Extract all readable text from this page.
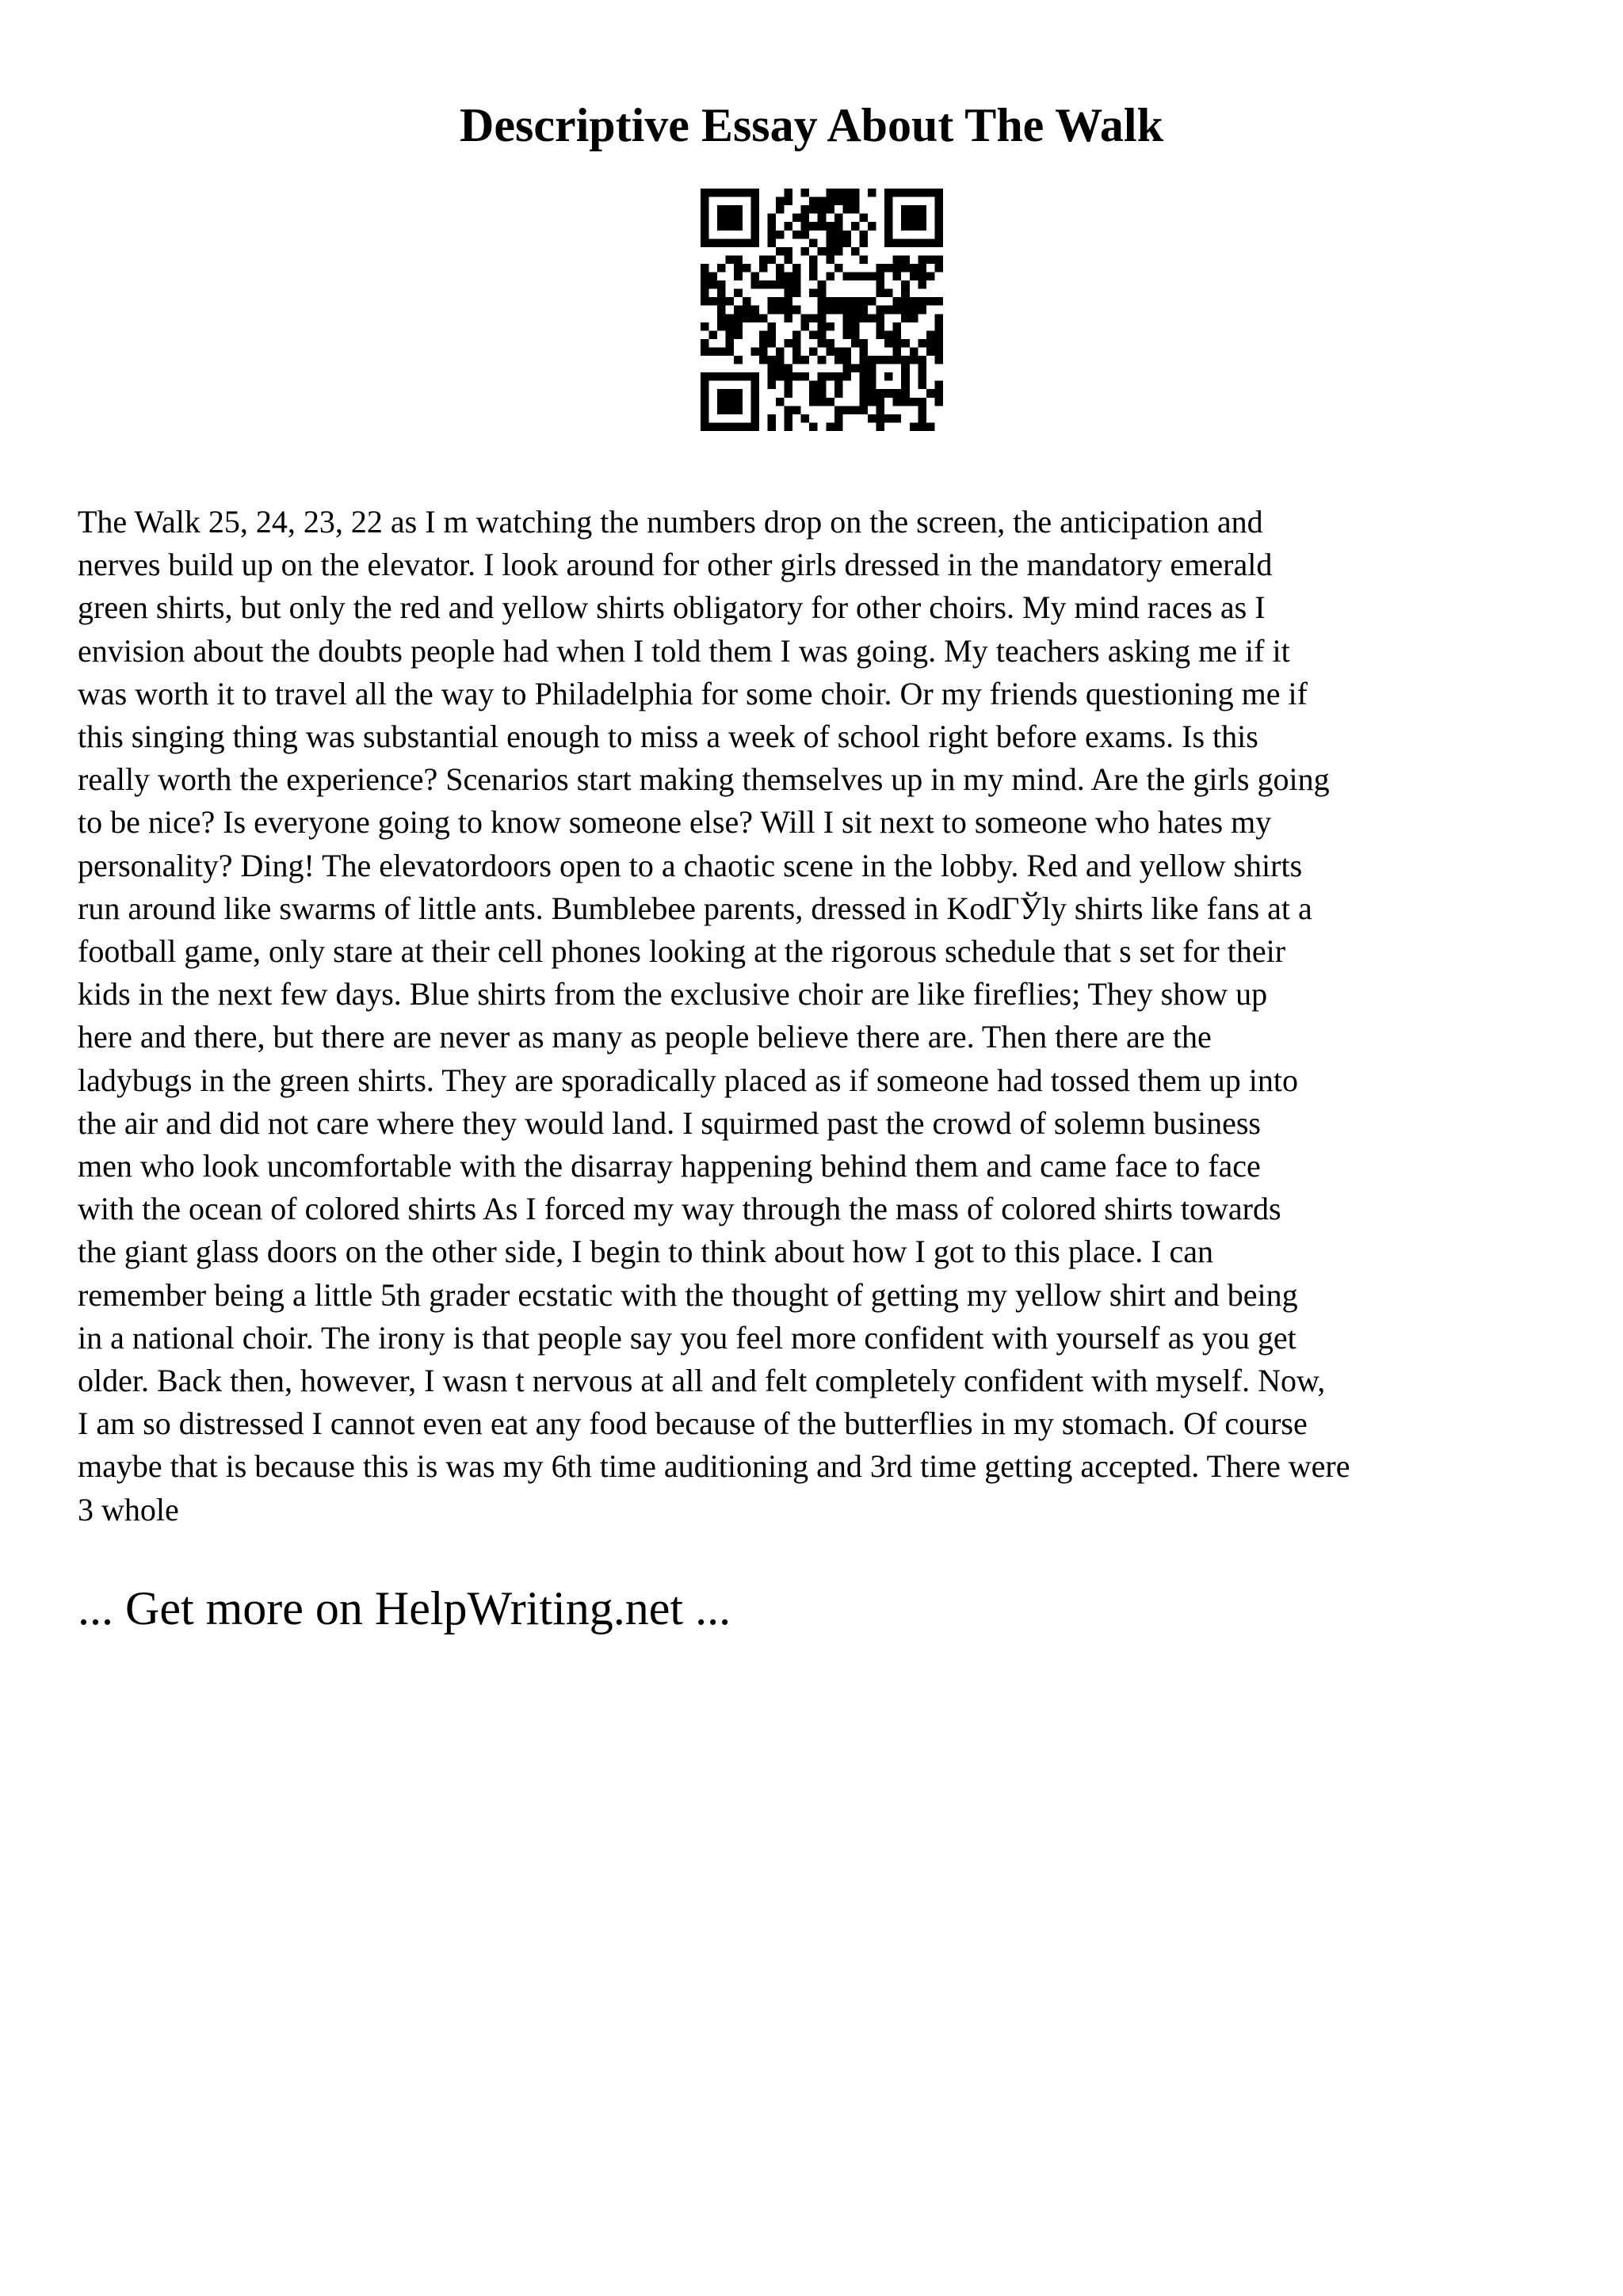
Descriptive Essay About The Walk
The Walk 25, 24, 23, 22 as I m watching the numbers drop on the screen, the anticipation and
nerves build up on the elevator. I look around for other girls dressed in the mandatory emerald
green shirts, but only the red and yellow shirts obligatory for other choirs. My mind races as I
envision about the doubts people had when I told them I was going. My teachers asking me if it
was worth it to travel all the way to Philadelphia for some choir. Or my friends questioning me if
this singing thing was substantial enough to miss a week of school right before exams. Is this
really worth the experience? Scenarios start making themselves up in my mind. Are the girls going
to be nice? Is everyone going to know someone else? Will I sit next to someone who hates my
personality? Ding! The elevatordoors open to a chaotic scene in the lobby. Red and yellow shirts
run around like swarms of little ants. Bumblebee parents, dressed in KodГЎly shirts like fans at a
football game, only stare at their cell phones looking at the rigorous schedule that s set for their
kids in the next few days. Blue shirts from the exclusive choir are like fireflies; They show up
here and there, but there are never as many as people believe there are. Then there are the
ladybugs in the green shirts. They are sporadically placed as if someone had tossed them up into
the air and did not care where they would land. I squirmed past the crowd of solemn business
men who look uncomfortable with the disarray happening behind them and came face to face
with the ocean of colored shirts As I forced my way through the mass of colored shirts towards
the giant glass doors on the other side, I begin to think about how I got to this place. I can
remember being a little 5th grader ecstatic with the thought of getting my yellow shirt and being
in a national choir. The irony is that people say you feel more confident with yourself as you get
older. Back then, however, I wasn t nervous at all and felt completely confident with myself. Now,
I am so distressed I cannot even eat any food because of the butterflies in my stomach. Of course
maybe that is because this is was my 6th time auditioning and 3rd time getting accepted. There were
3 whole

... Get more on HelpWriting.net ...
